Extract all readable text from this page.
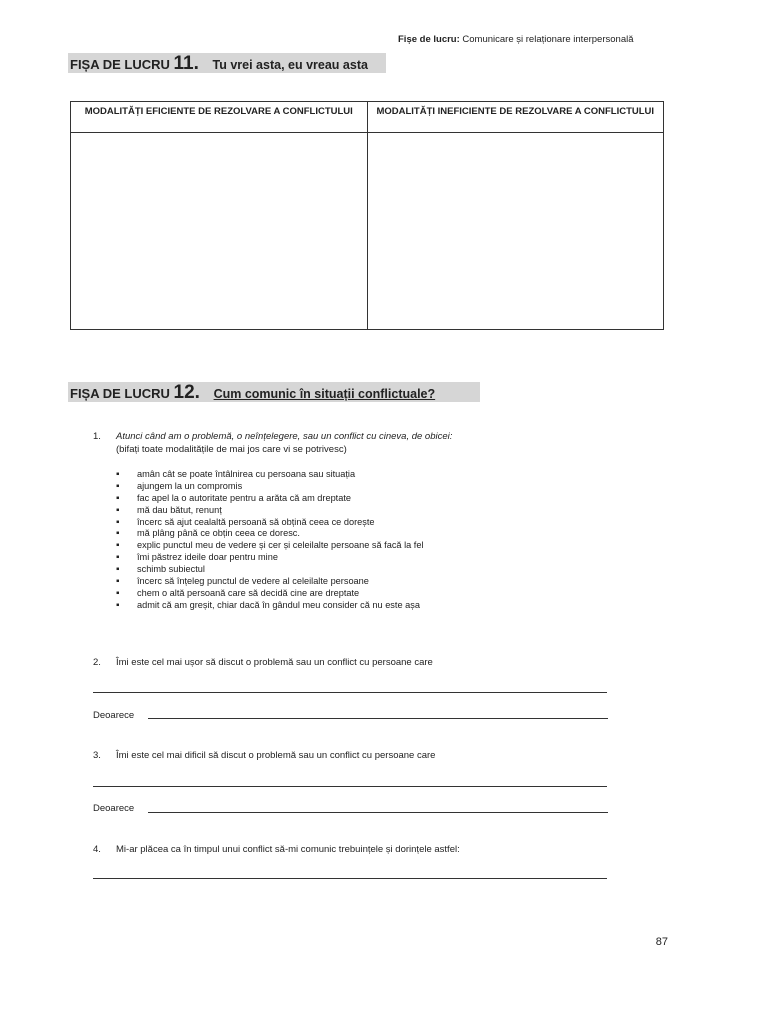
Fișe de lucru: Comunicare și relaționare interpersonală
FIȘA DE LUCRU 11. Tu vrei asta, eu vreau asta
MODALITĂȚI EFICIENTE DE REZOLVARE A CONFLICTULUI	MODALITĂȚI INEFICIENTE DE REZOLVARE A CONFLICTULUI

FIȘA DE LUCRU 12. Cum comunic în situații conflictuale?
1. Atunci când am o problemă, o neînțelegere, sau un conflict cu cineva, de obicei:
(bifați toate modalitățile de mai jos care vi se potrivesc)
▪ amân cât se poate întâlnirea cu persoana sau situația
▪ ajungem la un compromis
▪ fac apel la o autoritate pentru a arăta că am dreptate
▪ mă dau bătut, renunț
▪ încerc să ajut cealaltă persoană să obțină ceea ce dorește
▪ mă plâng până ce obțin ceea ce doresc.
▪ explic punctul meu de vedere și cer și celeilalte persoane să facă la fel
▪ îmi păstrez ideile doar pentru mine
▪ schimb subiectul
▪ încerc să înțeleg punctul de vedere al celeilalte persoane
▪ chem o altă persoană care să decidă cine are dreptate
▪ admit că am greșit, chiar dacă în gândul meu consider că nu este așa
2. Îmi este cel mai ușor să discut o problemă sau un conflict cu persoane care
Deoarece
3. Îmi este cel mai dificil să discut o problemă sau un conflict cu persoane care
Deoarece
4. Mi-ar plăcea ca în timpul unui conflict să-mi comunic trebuințele și dorințele astfel:
87
